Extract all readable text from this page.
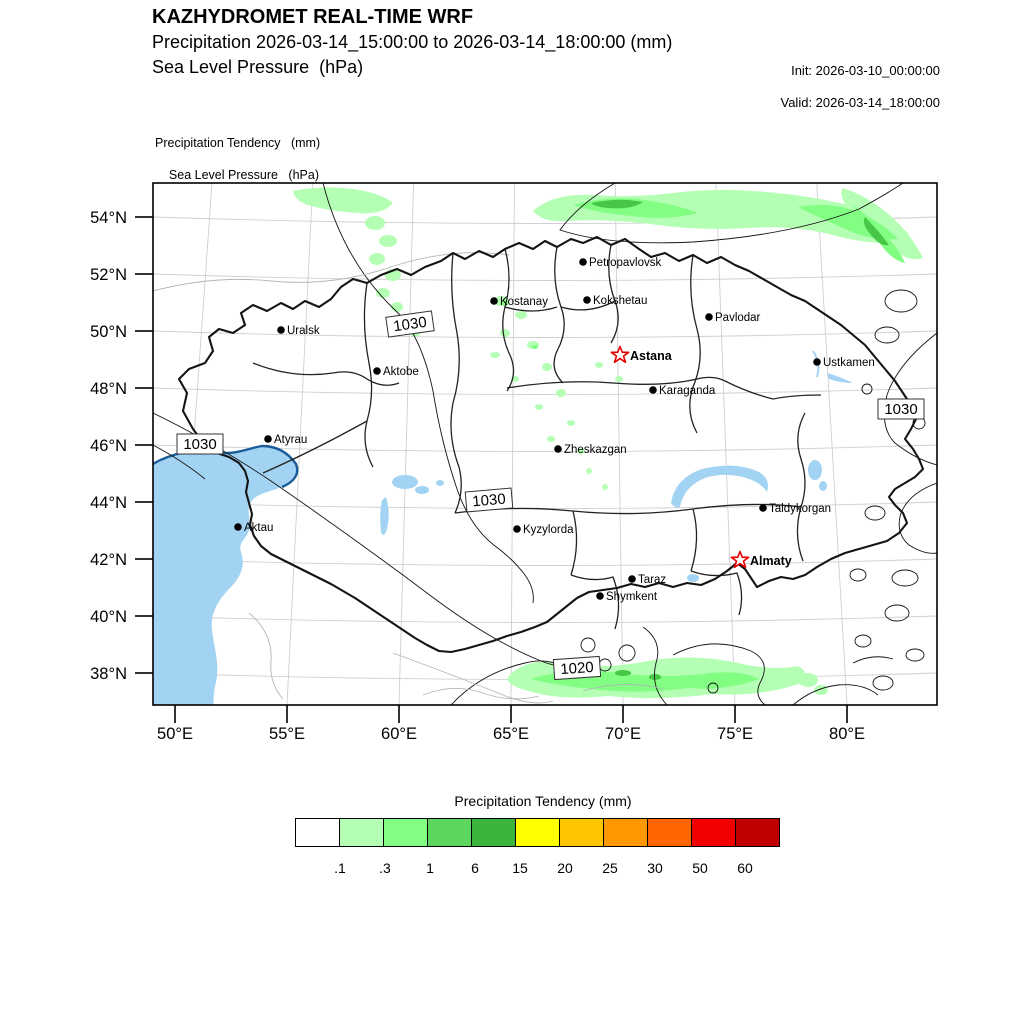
KAZHYDROMET REAL-TIME WRF
Precipitation 2026-03-14_15:00:00 to 2026-03-14_18:00:00 (mm)
Sea Level Pressure  (hPa)	Init: 2026-03-10_00:00:00

Valid: 2026-03-14_18:00:00
Precipitation Tendency   (mm)

Sea Level Pressure   (hPa)
54°N
52°N
50°N
48°N
46°N
44°N
42°N
40°N
38°N
50°E	55°E	60°E	65°E	70°E	75°E	80°E
Petropavlovsk
Kostanay	Kokshetau
Pavlodar
Uralsk
Aktobe
Ustkamen
Karaganda
Atyrau
Zheskazgan
Aktau	Kyzylorda
Taldykorgan
Taraz
Shymkent
Astana
Almaty
1030
1030
1030
1030
1020
Precipitation Tendency (mm)
.1	.3	1	6	15	20	25	30	50	60
